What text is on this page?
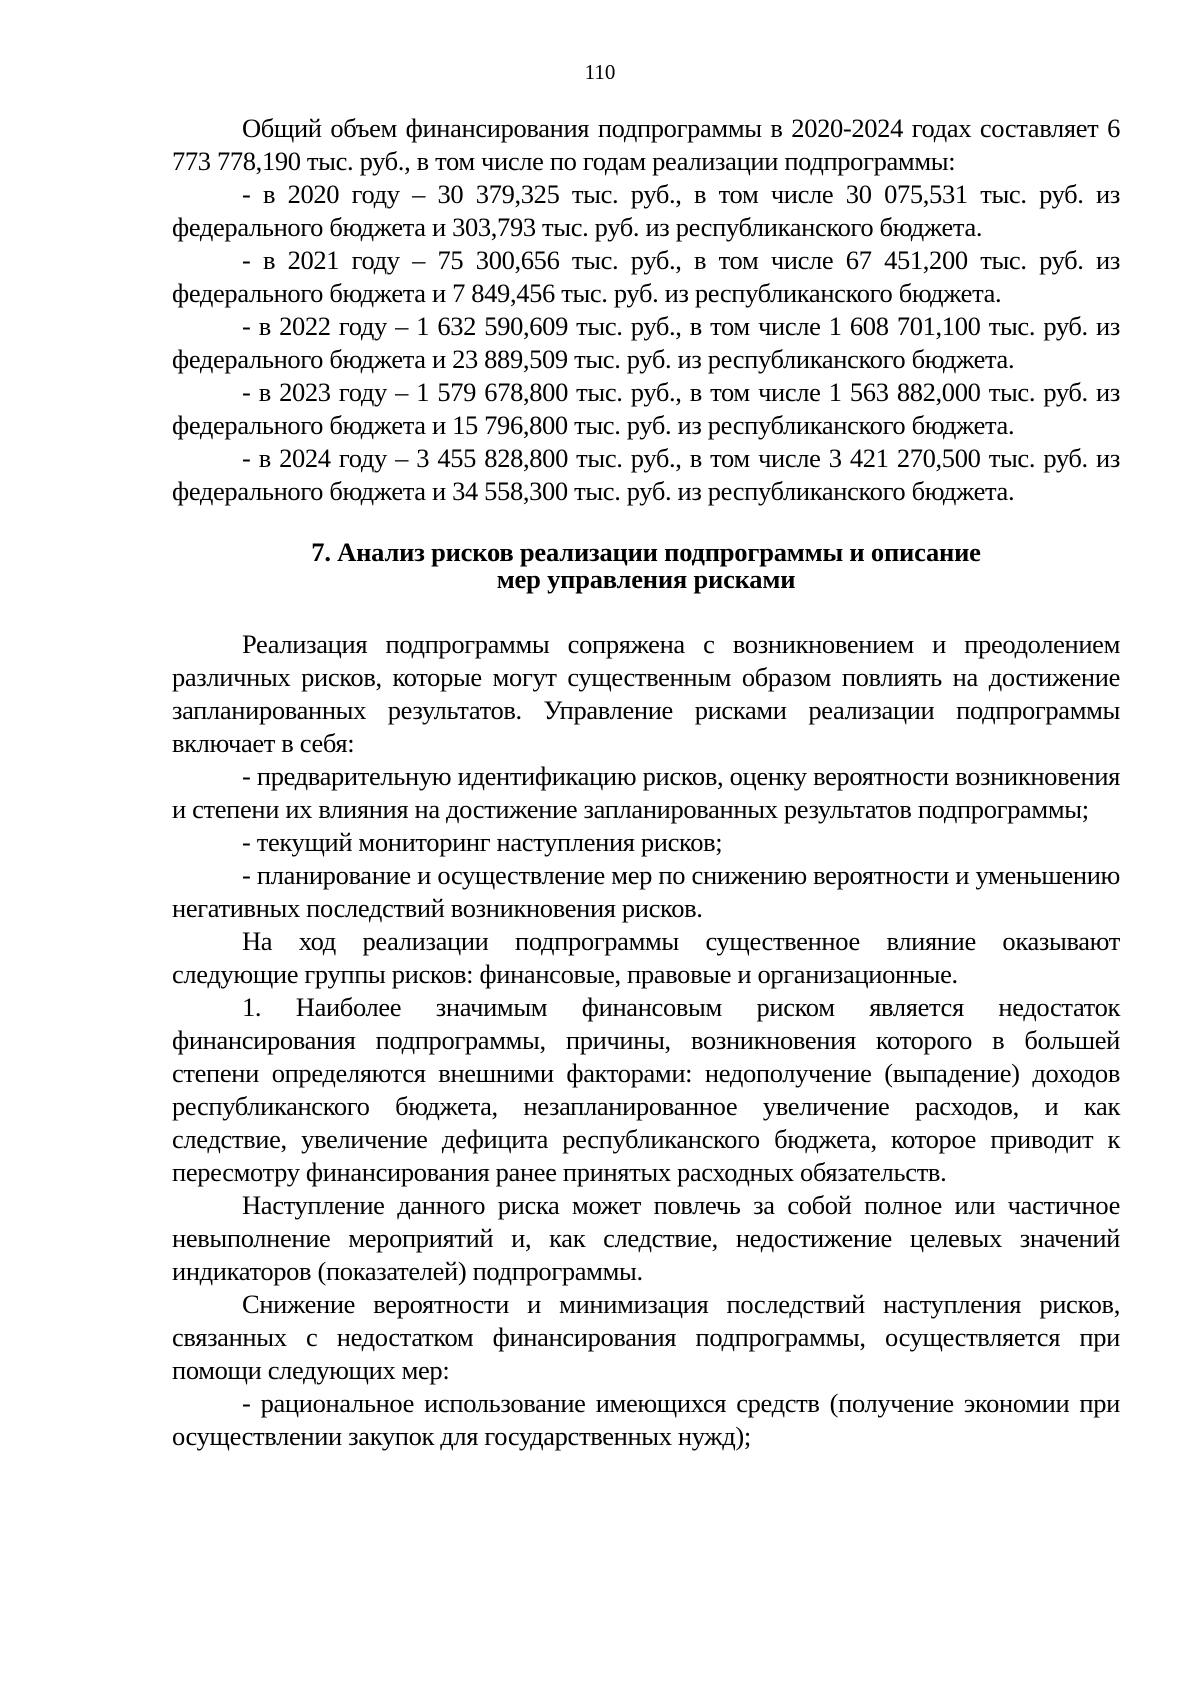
110

Общий объем финансирования подпрограммы в 2020-2024 годах составляет 6 773 778,190 тыс. руб., в том числе по годам реализации подпрограммы:

- в 2020 году – 30 379,325 тыс. руб., в том числе 30 075,531 тыс. руб. из федерального бюджета и 303,793 тыс. руб. из республиканского бюджета.

- в 2021 году – 75 300,656 тыс. руб., в том числе 67 451,200 тыс. руб. из федерального бюджета и 7 849,456 тыс. руб. из республиканского бюджета.

- в 2022 году – 1 632 590,609 тыс. руб., в том числе 1 608 701,100 тыс. руб. из федерального бюджета и 23 889,509 тыс. руб. из республиканского бюджета.

- в 2023 году – 1 579 678,800 тыс. руб., в том числе 1 563 882,000 тыс. руб. из федерального бюджета и 15 796,800 тыс. руб. из республиканского бюджета.

- в 2024 году – 3 455 828,800 тыс. руб., в том числе 3 421 270,500 тыс. руб. из федерального бюджета и 34 558,300 тыс. руб. из республиканского бюджета.

7. Анализ рисков реализации подпрограммы и описание
мер управления рисками

Реализация подпрограммы сопряжена с возникновением и преодолением различных рисков, которые могут существенным образом повлиять на достижение запланированных результатов. Управление рисками реализации подпрограммы включает в себя:

- предварительную идентификацию рисков, оценку вероятности возникновения и степени их влияния на достижение запланированных результатов подпрограммы;

- текущий мониторинг наступления рисков;

- планирование и осуществление мер по снижению вероятности и уменьшению негативных последствий возникновения рисков.

На ход реализации подпрограммы существенное влияние оказывают следующие группы рисков: финансовые, правовые и организационные.

1. Наиболее значимым финансовым риском является недостаток финансирования подпрограммы, причины, возникновения которого в большей степени определяются внешними факторами: недополучение (выпадение) доходов республиканского бюджета, незапланированное увеличение расходов, и как следствие, увеличение дефицита республиканского бюджета, которое приводит к пересмотру финансирования ранее принятых расходных обязательств.

Наступление данного риска может повлечь за собой полное или частичное невыполнение мероприятий и, как следствие, недостижение целевых значений индикаторов (показателей) подпрограммы.

Снижение вероятности и минимизация последствий наступления рисков, связанных с недостатком финансирования подпрограммы, осуществляется при помощи следующих мер:

- рациональное использование имеющихся средств (получение экономии при осуществлении закупок для государственных нужд);
